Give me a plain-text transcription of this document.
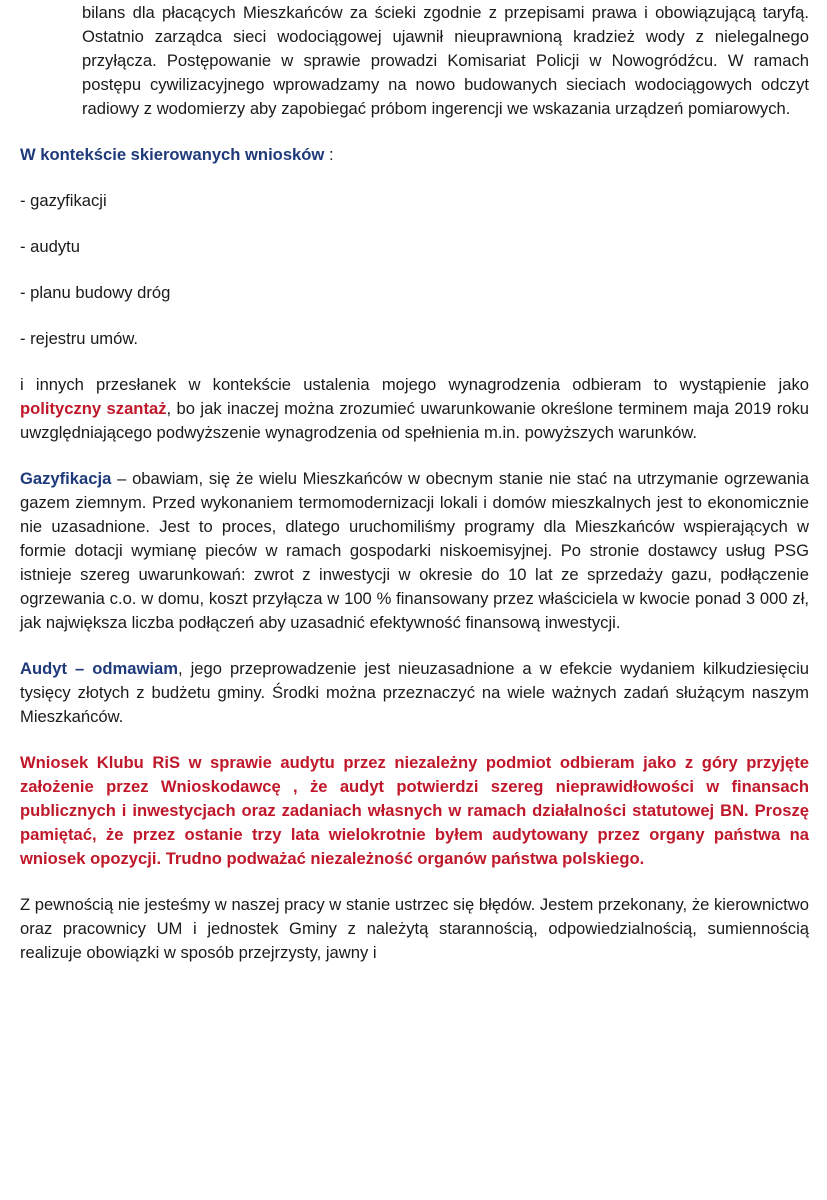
bilans dla płacących Mieszkańców za ścieki zgodnie z przepisami prawa i obowiązującą taryfą. Ostatnio zarządca sieci wodociągowej ujawnił nieuprawnioną kradzież wody z nielegalnego przyłącza. Postępowanie w sprawie prowadzi Komisariat Policji w Nowogródźcu. W ramach postępu cywilizacyjnego wprowadzamy na nowo budowanych sieciach wodociągowych odczyt radiowy z wodomierzy aby zapobiegać próbom ingerencji we wskazania urządzeń pomiarowych.

W kontekście skierowanych wniosków :

- gazyfikacji

- audytu

- planu budowy dróg

- rejestru umów.

i innych przesłanek w kontekście ustalenia mojego wynagrodzenia odbieram to wystąpienie jako polityczny szantaż, bo jak inaczej można zrozumieć uwarunkowanie określone terminem maja 2019 roku uwzględniającego podwyższenie wynagrodzenia od spełnienia m.in. powyższych warunków.

Gazyfikacja – obawiam, się że wielu Mieszkańców w obecnym stanie nie stać na utrzymanie ogrzewania gazem ziemnym. Przed wykonaniem termomodernizacji lokali i domów mieszkalnych jest to ekonomicznie nie uzasadnione. Jest to proces, dlatego uruchomiliśmy programy dla Mieszkańców wspierających w formie dotacji wymianę pieców w ramach gospodarki niskoemisyjnej. Po stronie dostawcy usług PSG istnieje szereg uwarunkowań: zwrot z inwestycji w okresie do 10 lat ze sprzedaży gazu, podłączenie ogrzewania c.o. w domu, koszt przyłącza w 100 % finansowany przez właściciela w kwocie ponad 3 000 zł, jak największa liczba podłączeń aby uzasadnić efektywność finansową inwestycji.

Audyt – odmawiam, jego przeprowadzenie jest nieuzasadnione a w efekcie wydaniem kilkudziesięciu tysięcy złotych z budżetu gminy. Środki można przeznaczyć na wiele ważnych zadań służącym naszym Mieszkańców.

Wniosek Klubu RiS w sprawie audytu przez niezależny podmiot odbieram jako z góry przyjęte założenie przez Wnioskodawcę , że audyt potwierdzi szereg nieprawidłowości w finansach publicznych i inwestycjach oraz zadaniach własnych w ramach działalności statutowej BN. Proszę pamiętać, że przez ostanie trzy lata wielokrotnie byłem audytowany przez organy państwa na wniosek opozycji. Trudno podważać niezależność organów państwa polskiego.

Z pewnością nie jesteśmy w naszej pracy w stanie ustrzec się błędów. Jestem przekonany, że kierownictwo oraz pracownicy UM i jednostek Gminy z należytą starannością, odpowiedzialnością, sumiennością realizuje obowiązki w sposób przejrzysty, jawny i
